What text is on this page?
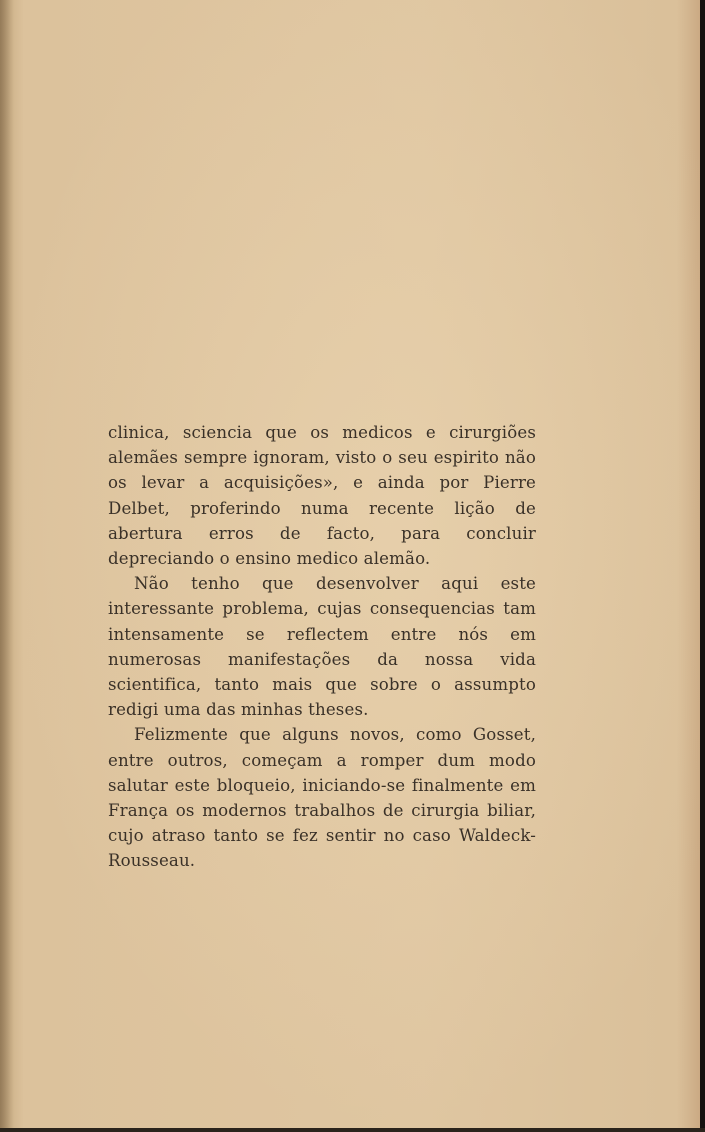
clinica, sciencia que os medicos e cirurgiões alemães sempre ignoram, visto o seu espirito não os levar a acquisições», e ainda por Pierre Delbet, proferindo numa recente lição de abertura erros de facto, para concluir depreciando o ensino medico alemão.

Não tenho que desenvolver aqui este interessante problema, cujas consequencias tam intensamente se reflectem entre nós em numerosas manifestações da nossa vida scientifica, tanto mais que sobre o assumpto redigi uma das minhas theses.

Felizmente que alguns novos, como Gosset, entre outros, começam a romper dum modo salutar este bloqueio, iniciando-se finalmente em França os modernos trabalhos de cirurgia biliar, cujo atraso tanto se fez sentir no caso Waldeck-Rousseau.
